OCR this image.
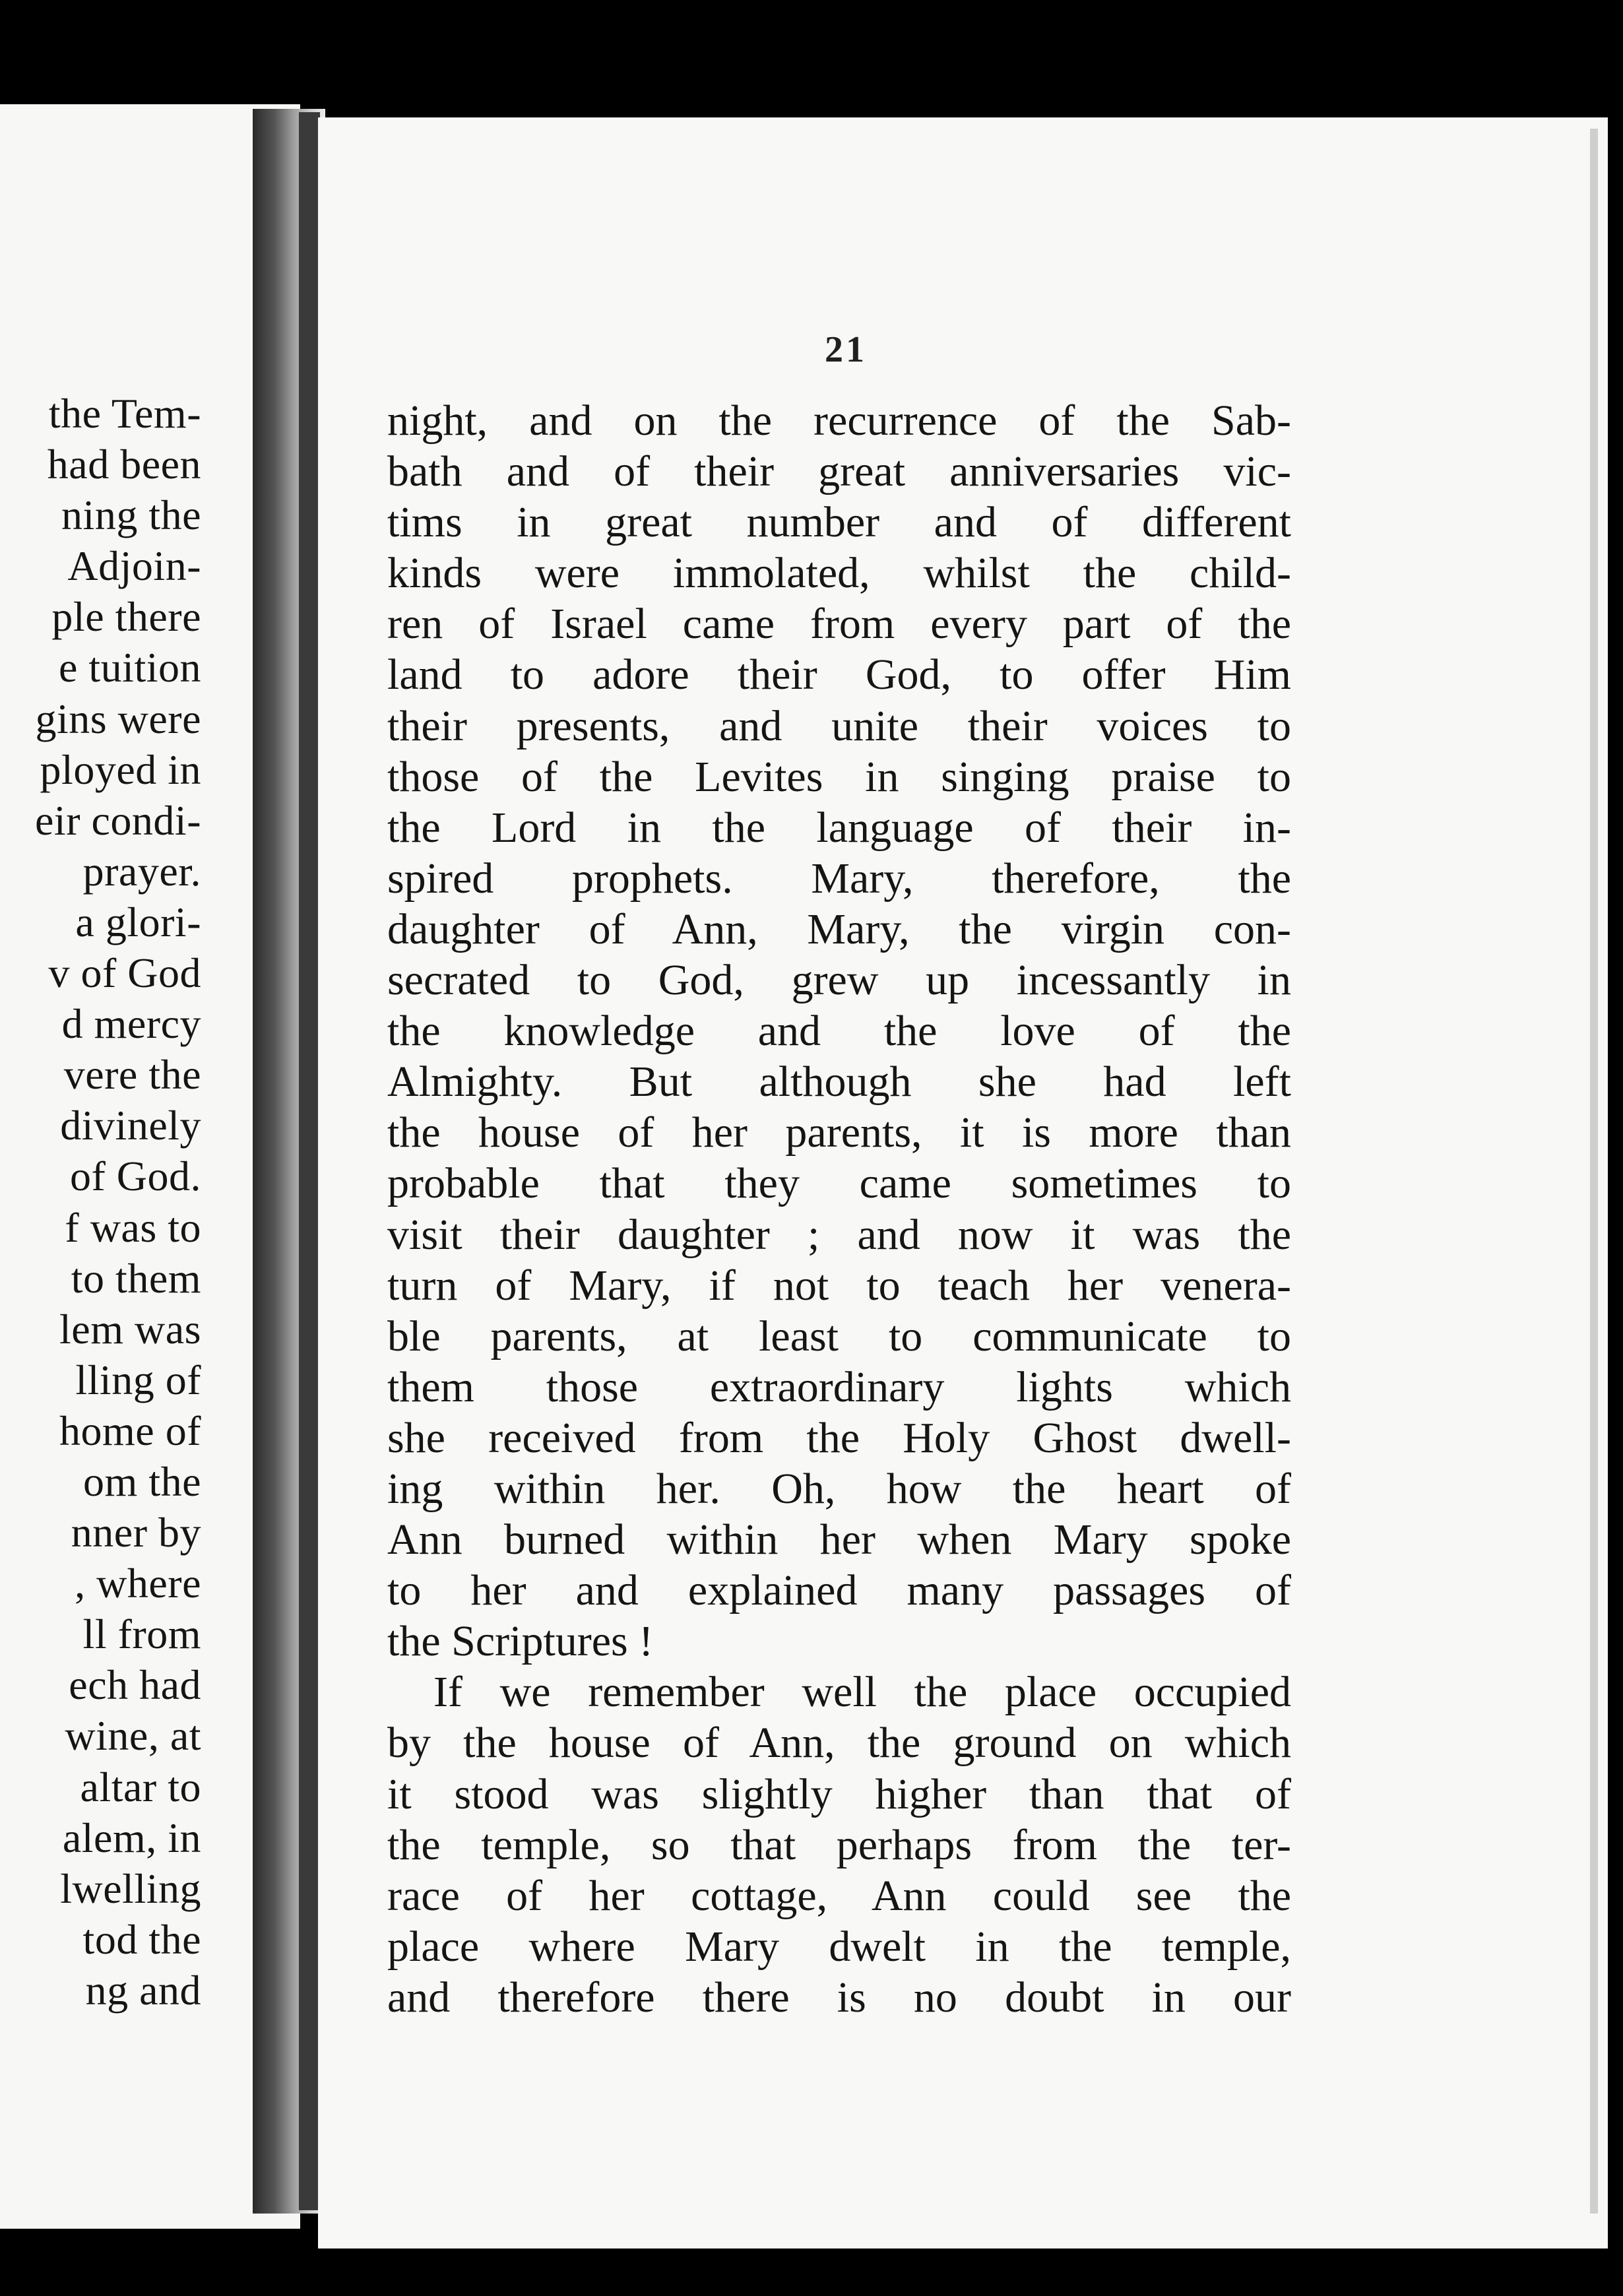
the Tem-
had been
ning the
Adjoin-
ple there
e tuition
gins were
ployed in
eir condi-
prayer.
a glori-
v of God
d mercy
vere the
divinely
of God.
f was to
to them
lem was
lling of
home of
om the
nner by
, where
ll from
ech had
wine, at
altar to
alem, in
lwelling
tod the
ng and
21
night, and on the recurrence of the Sab-
bath and of their great anniversaries vic-
tims in great number and of different
kinds were immolated, whilst the child-
ren of Israel came from every part of the
land to adore their God, to offer Him
their presents, and unite their voices to
those of the Levites in singing praise to
the Lord in the language of their in-
spired prophets. Mary, therefore, the
daughter of Ann, Mary, the virgin con-
secrated to God, grew up incessantly in
the knowledge and the love of the
Almighty. But although she had left
the house of her parents, it is more than
probable that they came sometimes to
visit their daughter ; and now it was the
turn of Mary, if not to teach her venera-
ble parents, at least to communicate to
them those extraordinary lights which
she received from the Holy Ghost dwell-
ing within her. Oh, how the heart of
Ann burned within her when Mary spoke
to her and explained many passages of
the Scriptures !
If we remember well the place occupied
by the house of Ann, the ground on which
it stood was slightly higher than that of
the temple, so that perhaps from the ter-
race of her cottage, Ann could see the
place where Mary dwelt in the temple,
and therefore there is no doubt in our
